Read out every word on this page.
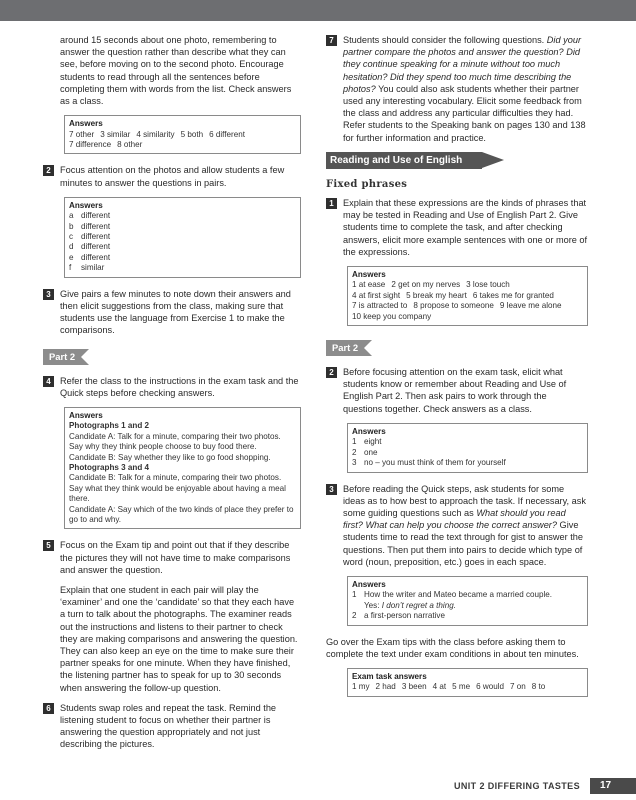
around 15 seconds about one photo, remembering to answer the question rather than describe what they can see, before moving on to the second photo. Encourage students to read through all the sentences before completing them with words from the list. Check answers as a class.

Answers
7 other 3 similar 4 similarity 5 both 6 different
7 difference 8 other
2	Focus attention on the photos and allow students a few minutes to answer the questions in pairs.
Answers
a different
b different
c different
d different
e different
f	similar
3	Give pairs a few minutes to note down their answers and then elicit suggestions from the class, making sure that students use the language from Exercise 1 to make the comparisons.
Part 2
4	Refer the class to the instructions in the exam task and the Quick steps before checking answers.
Answers
Photographs 1 and 2
Candidate A: Talk for a minute, comparing their two photos. Say why they think people choose to buy food there.
Candidate B: Say whether they like to go food shopping.
Photographs 3 and 4
Candidate B: Talk for a minute, comparing their two photos. Say what they think would be enjoyable about having a meal there.
Candidate A: Say which of the two kinds of place they prefer to go to and why.
5	Focus on the Exam tip and point out that if they describe the pictures they will not have time to make comparisons and answer the question.

Explain that one student in each pair will play the ‘examiner’ and one the ‘candidate’ so that they each have a turn to talk about the photographs. The examiner reads out the instructions and listens to their partner to check they are making comparisons and answering the question. They can also keep an eye on the time to make sure their partner speaks for one minute. When they have finished, the listening partner has to speak for up to 30 seconds when answering the follow-up question.

6	Students swap roles and repeat the task. Remind the listening student to focus on whether their partner is answering the question appropriately and not just describing the pictures.
7	Students should consider the following questions. Did your partner compare the photos and answer the question? Did they continue speaking for a minute without too much hesitation? Did they spend too much time describing the photos? You could also ask students whether their partner used any interesting vocabulary. Elicit some feedback from the class and address any particular difficulties they had. Refer students to the Speaking bank on pages 130 and 138 for further information and practice.
Reading and Use of English
Fixed phrases
1	Explain that these expressions are the kinds of phrases that may be tested in Reading and Use of English Part 2. Give students time to complete the task, and after checking answers, elicit more example sentences with one or more of the expressions.
Answers
1 at ease 2 get on my nerves 3 lose touch
4 at first sight 5 break my heart 6 takes me for granted
7 is attracted to 8 propose to someone 9 leave me alone
10 keep you company
Part 2
2	Before focusing attention on the exam task, elicit what students know or remember about Reading and Use of English Part 2. Then ask pairs to work through the questions together. Check answers as a class.
Answers
1 eight
2 one
3 no – you must think of them for yourself
3	Before reading the Quick steps, ask students for some ideas as to how best to approach the task. If necessary, ask some guiding questions such as What should you read first? What can help you choose the correct answer? Give students time to read the text through for gist to answer the questions. Then put them into pairs to decide which type of word (noun, preposition, etc.) goes in each space.
Answers
1 How the writer and Mateo became a married couple.
Yes: I don’t regret a thing.
2 a first-person narrative

Go over the Exam tips with the class before asking them to complete the text under exam conditions in about ten minutes.

Exam task answers
1 my 2 had 3 been 4 at 5 me 6 would 7 on 8 to
UNIT 2 DIFFERING TASTES	17
